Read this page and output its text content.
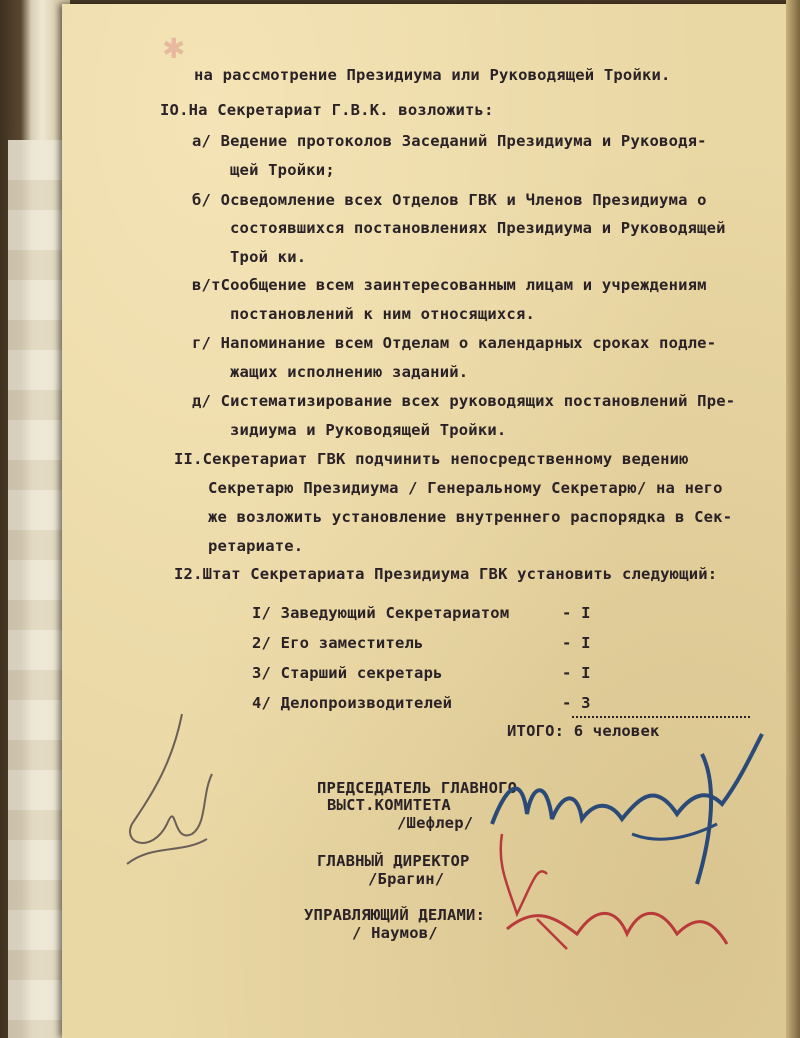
✱
на рассмотрение Президиума или Руководящей Тройки.
IO.На Секретариат Г.В.К. возложить:
а/ Ведение протоколов Заседаний Президиума и Руководя-
щей Тройки;
б/ Осведомление всех Отделов ГВК и Членов Президиума о
состоявшихся постановлениях Президиума и Руководящей
Трой ки.
в/тСообщение всем заинтересованным лицам и учреждениям
постановлений к ним относящихся.
г/ Напоминание всем Отделам о календарных сроках подле-
жащих исполнению заданий.
д/ Систематизирование всех руководящих постановлений Пре-
зидиума и Руководящей Тройки.
II.Секретариат ГВК подчинить непосредственному ведению
Секретарю Президиума / Генеральному Секретарю/ на него
же возложить установление внутреннего распорядка в Сек-
ретариате.
I2.Штат Секретариата Президиума ГВК установить следующий:
I/ Заведующий Секретариатом	- I
2/ Его заместитель	- I
3/ Старший секретарь	- I
4/ Делопроизводителей	- 3
ИТОГО: 6 человек
ПРЕДСЕДАТЕЛЬ ГЛАВНОГО
ВЫСТ.КОМИТЕТА
/Шефлер/
ГЛАВНЫЙ ДИРЕКТОР
/Брагин/
УПРАВЛЯЮЩИЙ ДЕЛАМИ:
/ Наумов/
